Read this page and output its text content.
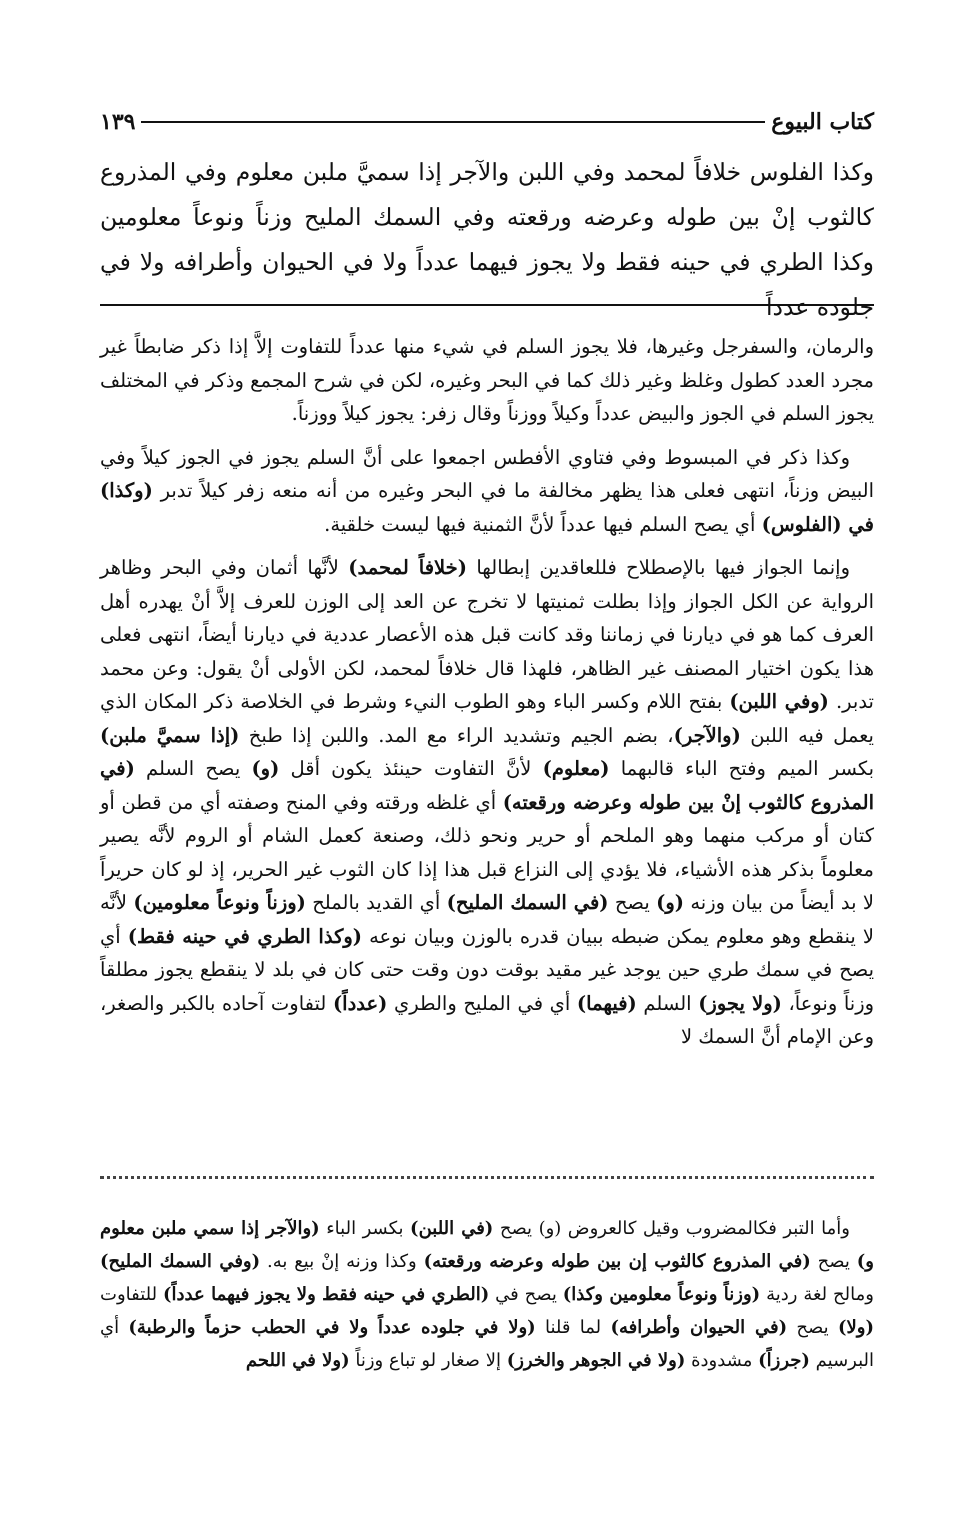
كتاب البيوع
١٣٩
وكذا الفلوس خلافاً لمحمد وفي اللبن والآجر إذا سميَّ ملبن معلوم وفي المذروع كالثوب إنْ بين طوله وعرضه ورقعته وفي السمك المليح وزناً ونوعاً معلومين وكذا الطري في حينه فقط ولا يجوز فيهما عدداً ولا في الحيوان وأطرافه ولا في جلوده عدداً

والرمان، والسفرجل وغيرها، فلا يجوز السلم في شيء منها عدداً للتفاوت إلاَّ إذا ذكر ضابطاً غير مجرد العدد كطول وغلظ وغير ذلك كما في البحر وغيره، لكن في شرح المجمع وذكر في المختلف يجوز السلم في الجوز والبيض عدداً وكيلاً ووزناً وقال زفر: يجوز كيلاً ووزناً.

وكذا ذكر في المبسوط وفي فتاوي الأفطس اجمعوا على أنَّ السلم يجوز في الجوز كيلاً وفي البيض وزناً، انتهى فعلى هذا يظهر مخالفة ما في البحر وغيره من أنه منعه زفر كيلاً تدبر (وكذا) في (الفلوس) أي يصح السلم فيها عدداً لأنَّ الثمنية فيها ليست خلقية.

وإنما الجواز فيها بالإصطلاح فللعاقدين إبطالها (خلافاً لمحمد) لأنَّها أثمان وفي البحر وظاهر الرواية عن الكل الجواز وإذا بطلت ثمنيتها لا تخرج عن العد إلى الوزن للعرف إلاَّ أنْ يهدره أهل العرف كما هو في ديارنا في زماننا وقد كانت قبل هذه الأعصار عددية في ديارنا أيضاً، انتهى فعلى هذا يكون اختيار المصنف غير الظاهر، فلهذا قال خلافاً لمحمد، لكن الأولى أنْ يقول: وعن محمد تدبر. (وفي اللبن) بفتح اللام وكسر الباء وهو الطوب النيء وشرط في الخلاصة ذكر المكان الذي يعمل فيه اللبن (والآجر)، بضم الجيم وتشديد الراء مع المد. واللبن إذا طبخ (إذا سميَّ ملبن) بكسر الميم وفتح الباء قالبهما (معلوم) لأنَّ التفاوت حينئذ يكون أقل (و) يصح السلم (في المذروع كالثوب إنْ بين طوله وعرضه ورقعته) أي غلظه ورقته وفي المنح وصفته أي من قطن أو كتان أو مركب منهما وهو الملحم أو حرير ونحو ذلك، وصنعة كعمل الشام أو الروم لأنَّه يصير معلوماً بذكر هذه الأشياء، فلا يؤدي إلى النزاع قبل هذا إذا كان الثوب غير الحرير، إذ لو كان حريراً لا بد أيضاً من بيان وزنه (و) يصح (في السمك المليح) أي القديد بالملح (وزناً ونوعاً معلومين) لأنَّه لا ينقطع وهو معلوم يمكن ضبطه ببيان قدره بالوزن وبيان نوعه (وكذا الطري في حينه فقط) أي يصح في سمك طري حين يوجد غير مقيد بوقت دون وقت حتى كان في بلد لا ينقطع يجوز مطلقاً وزناً ونوعاً، (ولا يجوز) السلم (فيهما) أي في المليح والطري (عدداً) لتفاوت آحاده بالكبر والصغر، وعن الإمام أنَّ السمك لا

وأما التبر فكالمضروب وقيل كالعروض (و) يصح (في اللبن) بكسر الباء (والآجر إذا سمي ملبن معلوم و) يصح (في المذروع كالثوب إن بين طوله وعرضه ورقعته) وكذا وزنه إنْ بيع به. (وفي السمك المليح) ومالح لغة ردية (وزناً ونوعاً معلومين وكذا) يصح في (الطري في حينه فقط ولا يجوز فيهما عدداً) للتفاوت (ولا) يصح (في الحيوان وأطرافه) لما قلنا (ولا في جلوده عدداً ولا في الحطب حزماً والرطبة) أي البرسيم (جرزاً) مشدودة (ولا في الجوهر والخرز) إلا صغار لو تباع وزناً (ولا في اللحم
